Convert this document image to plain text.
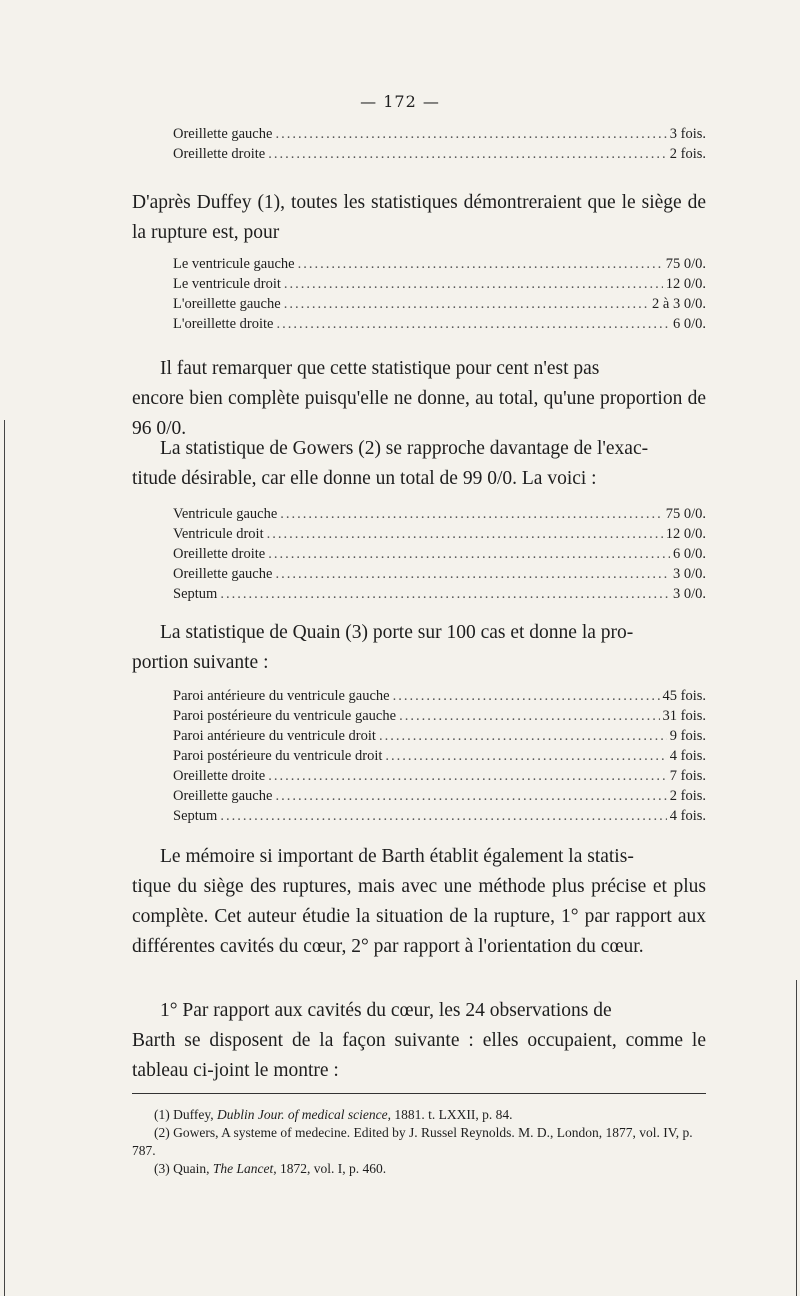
— 172 —
Oreillette gauche .....	3 fois.
Oreillette droite .....	2 fois.

D'après Duffey (1), toutes les statistiques démontreraient que le siège de la rupture est, pour

Le ventricule gauche .....	75 0/0.
Le ventricule droit .....	12 0/0.
L'oreillette gauche .....	2 à 3 0/0.
L'oreillette droite .....	6 0/0.
Il faut remarquer que cette statistique pour cent n'est pas
encore bien complète puisqu'elle ne donne, au total, qu'une proportion de 96 0/0.
La statistique de Gowers (2) se rapproche davantage de l'exac-
titude désirable, car elle donne un total de 99 0/0. La voici :
Ventricule gauche .....	75 0/0.
Ventricule droit .....	12 0/0.
Oreillette droite .....	6 0/0.
Oreillette gauche .....	3 0/0.
Septum .....	3 0/0.
La statistique de Quain (3) porte sur 100 cas et donne la pro-
portion suivante :
Paroi antérieure du ventricule gauche .....	45 fois.
Paroi postérieure du ventricule gauche .....	31 fois.
Paroi antérieure du ventricule droit .....	9 fois.
Paroi postérieure du ventricule droit .....	4 fois.
Oreillette droite .....	7 fois.
Oreillette gauche .....	2 fois.
Septum .....	4 fois.
Le mémoire si important de Barth établit également la statis-
tique du siège des ruptures, mais avec une méthode plus précise et plus complète. Cet auteur étudie la situation de la rupture, 1° par rapport aux différentes cavités du cœur, 2° par rapport à l'orientation du cœur.
1° Par rapport aux cavités du cœur, les 24 observations de
Barth se disposent de la façon suivante : elles occupaient, comme le tableau ci-joint le montre :

(1) Duffey, Dublin Jour. of medical science, 1881. t. LXXII, p. 84.

(2) Gowers, A systeme of medecine. Edited by J. Russel Reynolds. M. D., London, 1877, vol. IV, p. 787.

(3) Quain, The Lancet, 1872, vol. I, p. 460.
